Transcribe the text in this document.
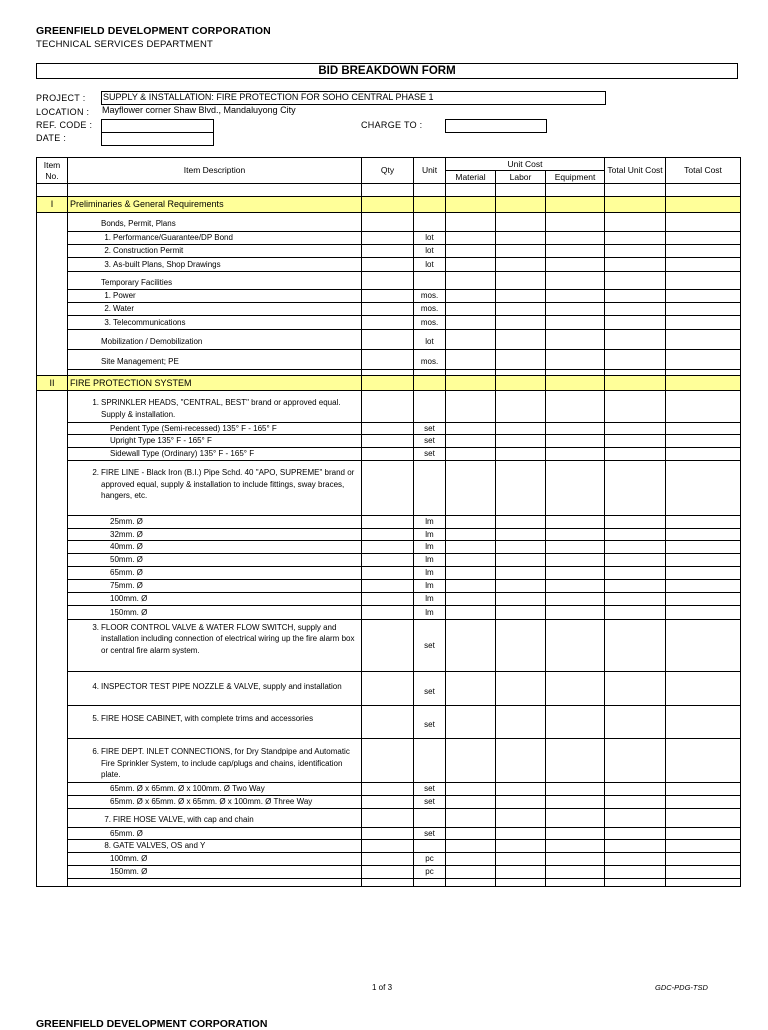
GREENFIELD DEVELOPMENT CORPORATION
TECHNICAL SERVICES DEPARTMENT
BID BREAKDOWN FORM
PROJECT : SUPPLY & INSTALLATION: FIRE PROTECTION FOR SOHO CENTRAL PHASE 1
LOCATION : Mayflower corner Shaw Blvd., Mandaluyong City
REF. CODE :
DATE :
CHARGE TO :
Item No.	Item Description	Qty	Unit	Unit Cost			Total Unit Cost	Total Cost
				Material	Labor	Equipment		

I	Preliminaries & General Requirements							

	Bonds, Permit, Plans							
	1. Performance/Guarantee/DP Bond		lot					
	2. Construction Permit		lot					
	3. As-built Plans, Shop Drawings		lot					

	Temporary Facilities							
	1. Power		mos.					
	2. Water		mos.					
	3. Telecommunications		mos.					

	Mobilization / Demobilization		lot					

	Site Management; PE		mos.					

II	FIRE PROTECTION SYSTEM							

	1. SPRINKLER HEADS, "CENTRAL, BEST" brand or approved equal. Supply & installation.							
	Pendent Type (Semi-recessed) 135° F - 165° F		set					
	Upright Type 135° F - 165° F		set					
	Sidewall Type (Ordinary) 135° F - 165° F		set					

	2. FIRE LINE - Black Iron (B.I.) Pipe Schd. 40 "APO, SUPREME" brand or approved equal, supply & installation to include fittings, sway braces, hangers, etc.							
	25mm. Ø		lm					
	32mm. Ø		lm					
	40mm. Ø		lm					
	50mm. Ø		lm					
	65mm. Ø		lm					
	75mm. Ø		lm					
	100mm. Ø		lm					
	150mm. Ø		lm					
	3. FLOOR CONTROL VALVE & WATER FLOW SWITCH, supply and installation including connection of electrical wiring up the fire alarm box or central fire alarm system.		set					

	4. INSPECTOR TEST PIPE NOZZLE & VALVE, supply and installation		set					

	5. FIRE HOSE CABINET, with complete trims and accessories		set					

	6. FIRE DEPT. INLET CONNECTIONS, for Dry Standpipe and Automatic Fire Sprinkler System, to include cap/plugs and chains, identification plate.							
	65mm. Ø x 65mm. Ø x 100mm. Ø Two Way		set					
	65mm. Ø x 65mm. Ø x 65mm. Ø x 100mm. Ø Three Way		set					

	7. FIRE HOSE VALVE, with cap and chain							
	65mm. Ø		set					
	8. GATE VALVES, OS and Y							
	100mm. Ø		pc					
	150mm. Ø		pc					

1 of 3	GDC-PDG-TSD
GREENFIELD DEVELOPMENT CORPORATION
